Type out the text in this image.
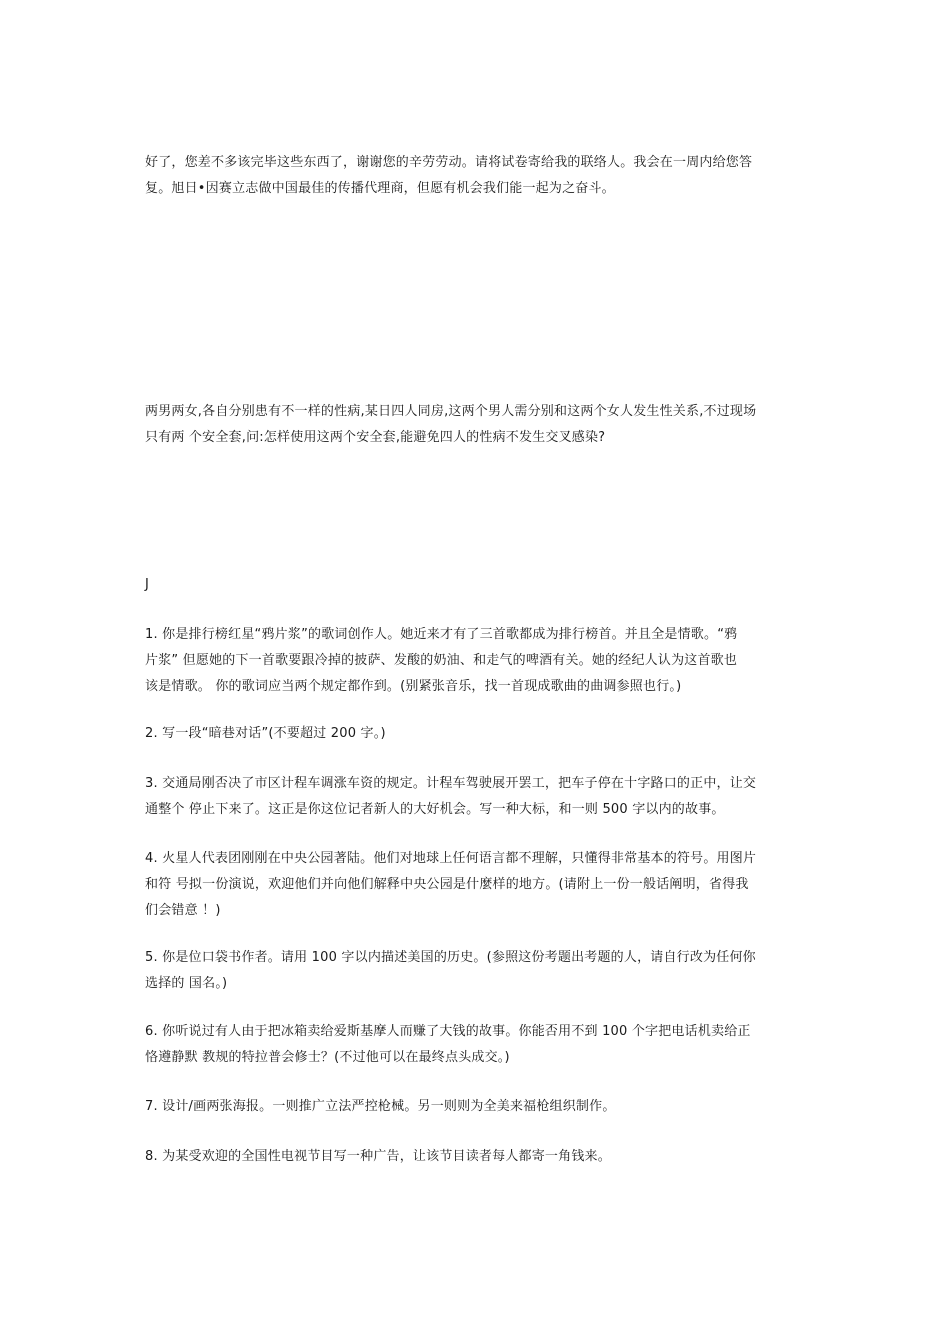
好了，您差不多该完毕这些东西了，谢谢您的辛劳劳动。请将试卷寄给我的联络人。我会在一周内给您答
复。旭日•因赛立志做中国最佳的传播代理商，但愿有机会我们能一起为之奋斗。

两男两女,各自分别患有不一样的性病,某日四人同房,这两个男人需分别和这两个女人发生性关系,不过现场
只有两 个安全套,问:怎样使用这两个安全套,能避免四人的性病不发生交叉感染?

J

1. 你是排行榜红星“鸦片浆”的歌词创作人。她近来才有了三首歌都成为排行榜首。并且全是情歌。“鸦
片浆” 但愿她的下一首歌要跟冷掉的披萨、发酸的奶油、和走气的啤酒有关。她的经纪人认为这首歌也
该是情歌。 你的歌词应当两个规定都作到。(别紧张音乐，找一首现成歌曲的曲调参照也行。)

2. 写一段“暗巷对话”(不要超过 200 字。)

3. 交通局刚否决了市区计程车调涨车资的规定。计程车驾驶展开罢工，把车子停在十字路口的正中，让交
通整个 停止下来了。这正是你这位记者新人的大好机会。写一种大标，和一则 500 字以内的故事。

4. 火星人代表团刚刚在中央公园著陆。他们对地球上任何语言都不理解，只懂得非常基本的符号。用图片
和符 号拟一份演说，欢迎他们并向他们解释中央公园是什麼样的地方。(请附上一份一般话阐明，省得我
们会错意 ！)

5. 你是位口袋书作者。请用 100 字以内描述美国的历史。(参照这份考题出考题的人，请自行改为任何你
选择的 国名。)

6. 你听说过有人由于把冰箱卖给爱斯基摩人而赚了大钱的故事。你能否用不到 100 个字把电话机卖给正
恪遵静默 教规的特拉普会修士？(不过他可以在最终点头成交。)

7. 设计/画两张海报。一则推广立法严控枪械。另一则则为全美来福枪组织制作。

8. 为某受欢迎的全国性电视节目写一种广告，让该节目读者每人都寄一角钱来。
